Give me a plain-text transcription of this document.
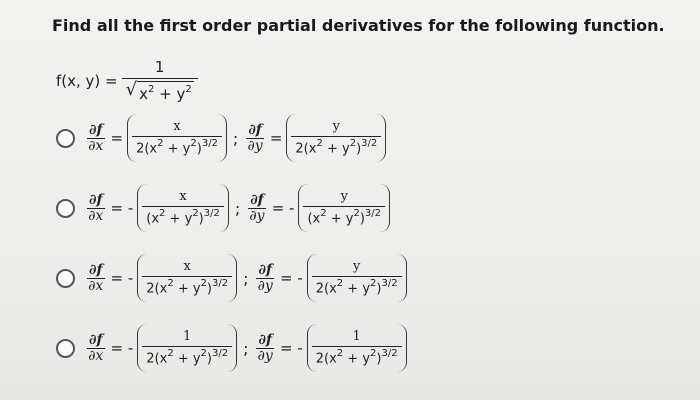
Find all the first order partial derivatives for the following function.
f(x, $y) = \frac{1}{√ x^2 + y^2}$
$\frac{\partial f}{\partial x} = \frac{x}{2(x^2 + y^2)^{3/2}}$ ; $\frac{\partial f}{\partial y} = \frac{y}{2(x^2 + y^2)^{3/2}}$
$\frac{\partial f}{\partial x}$ = - $\frac{x}{(x^2 + y^2)^{3/2}}$ ; $\frac{\partial f}{\partial y}$ = - $\frac{y}{(x^2 + y^2)^{3/2}}$
$\frac{\partial f}{\partial x}$ = - $\frac{x}{2(x^2 + y^2)^{3/2}}$ ; $\frac{\partial f}{\partial y}$ = - $\frac{y}{2(x^2 + y^2)^{3/2}}$
$\frac{\partial f}{\partial x}$ = - $\frac{1}{2(x^2 + y^2)^{3/2}}$ ; $\frac{\partial f}{\partial y}$ = - $\frac{1}{2(x^2 + y^2)^{3/2}}$
